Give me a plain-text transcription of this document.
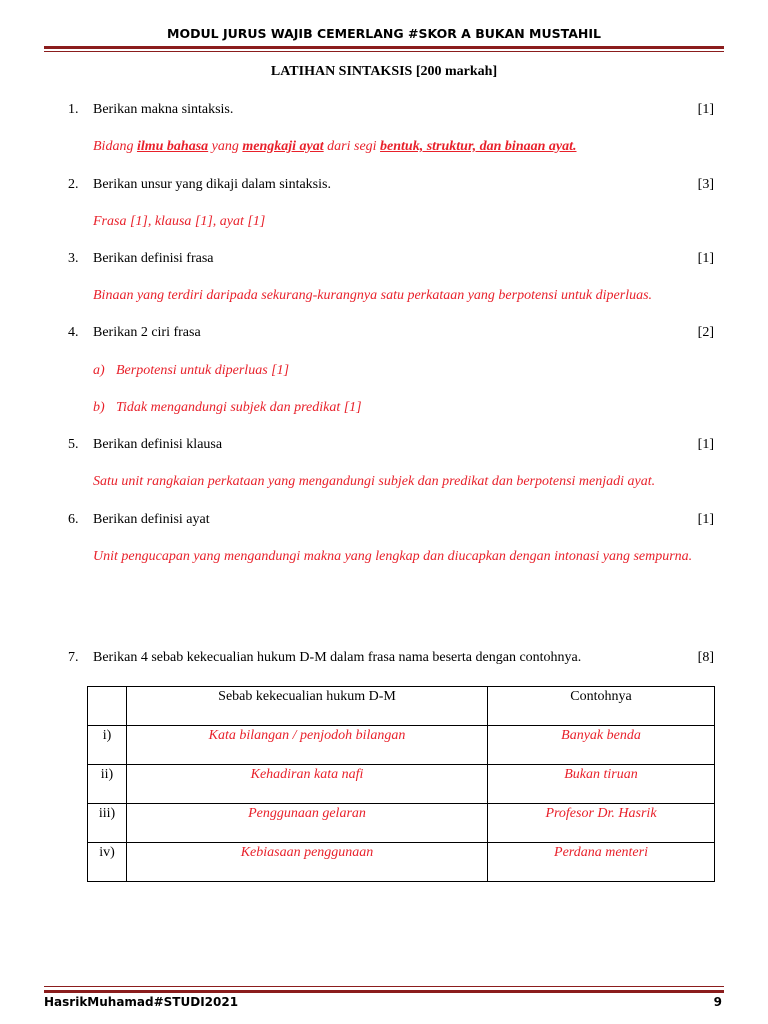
MODUL JURUS WAJIB CEMERLANG #SKOR A BUKAN MUSTAHIL
LATIHAN SINTAKSIS [200 markah]
1. Berikan makna sintaksis.	[1]
Bidang ilmu bahasa yang mengkaji ayat dari segi bentuk, struktur, dan binaan ayat.
2. Berikan unsur yang dikaji dalam sintaksis.	[3]
Frasa [1], klausa [1], ayat [1]
3. Berikan definisi frasa	[1]
Binaan yang terdiri daripada sekurang-kurangnya satu perkataan yang berpotensi untuk diperluas.
4. Berikan 2 ciri frasa	[2]
a) Berpotensi untuk diperluas [1]
b) Tidak mengandungi subjek dan predikat [1]
5. Berikan definisi klausa	[1]
Satu unit rangkaian perkataan yang mengandungi subjek dan predikat dan berpotensi menjadi ayat.
6. Berikan definisi ayat	[1]
Unit pengucapan yang mengandungi makna yang lengkap dan diucapkan dengan intonasi yang sempurna.
7. Berikan 4 sebab kekecualian hukum D-M dalam frasa nama beserta dengan contohnya.	[8]
	Sebab kekecualian hukum D-M	Contohnya
i)	Kata bilangan / penjodoh bilangan	Banyak benda
ii)	Kehadiran kata nafi	Bukan tiruan
iii)	Penggunaan gelaran	Profesor Dr. Hasrik
iv)	Kebiasaan penggunaan	Perdana menteri
HasrikMuhamad#STUDI2021	9
